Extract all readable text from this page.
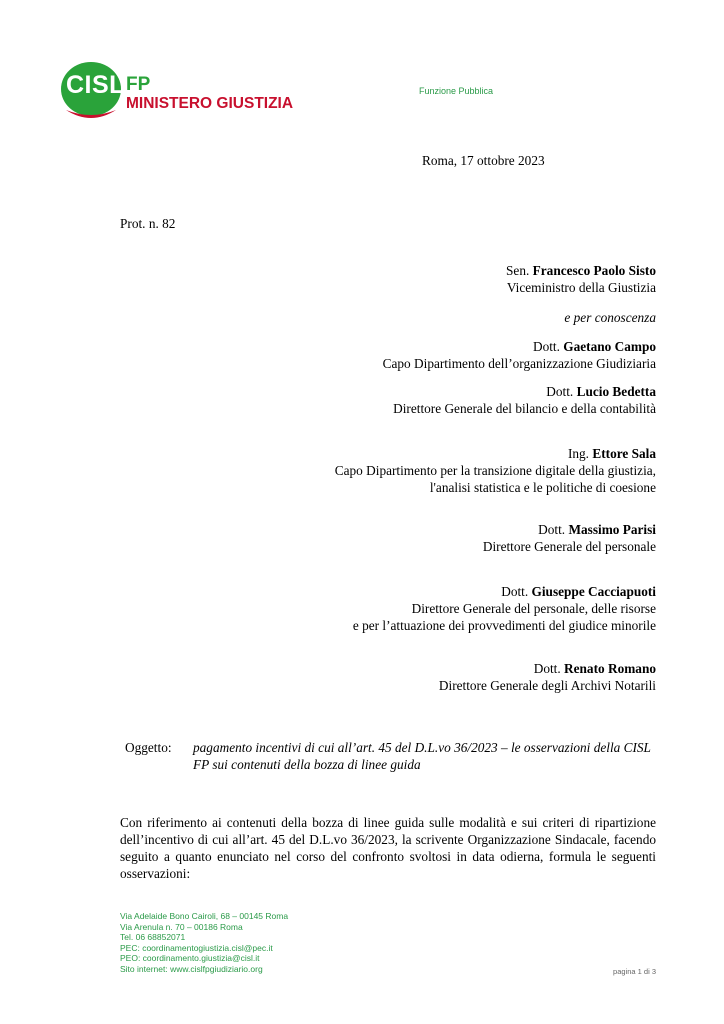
CISL FP
MINISTERO GIUSTIZIA
Funzione Pubblica
Roma, 17 ottobre 2023
Prot. n. 82
Sen. Francesco Paolo Sisto
Viceministro della Giustizia
e per conoscenza
Dott. Gaetano Campo
Capo Dipartimento dell’organizzazione Giudiziaria
Dott. Lucio Bedetta
Direttore Generale del bilancio e della contabilità
Ing. Ettore Sala
Capo Dipartimento per la transizione digitale della giustizia,
l'analisi statistica e le politiche di coesione
Dott. Massimo Parisi
Direttore Generale del personale
Dott. Giuseppe Cacciapuoti
Direttore Generale del personale, delle risorse
e per l’attuazione dei provvedimenti del giudice minorile
Dott. Renato Romano
Direttore Generale degli Archivi Notarili
Oggetto: pagamento incentivi di cui all’art. 45 del D.L.vo 36/2023 – le osservazioni della CISL FP sui contenuti della bozza di linee guida
Con riferimento ai contenuti della bozza di linee guida sulle modalità e sui criteri di ripartizione dell’incentivo di cui all’art. 45 del D.L.vo 36/2023, la scrivente Organizzazione Sindacale, facendo seguito a quanto enunciato nel corso del confronto svoltosi in data odierna, formula le seguenti osservazioni:
Via Adelaide Bono Cairoli, 68 – 00145 Roma
Via Arenula n. 70 – 00186 Roma
Tel. 06 68852071
PEC: coordinamentogiustizia.cisl@pec.it
PEO: coordinamento.giustizia@cisl.it
Sito internet: www.cislfpgiudiziario.org	pagina 1 di 3
